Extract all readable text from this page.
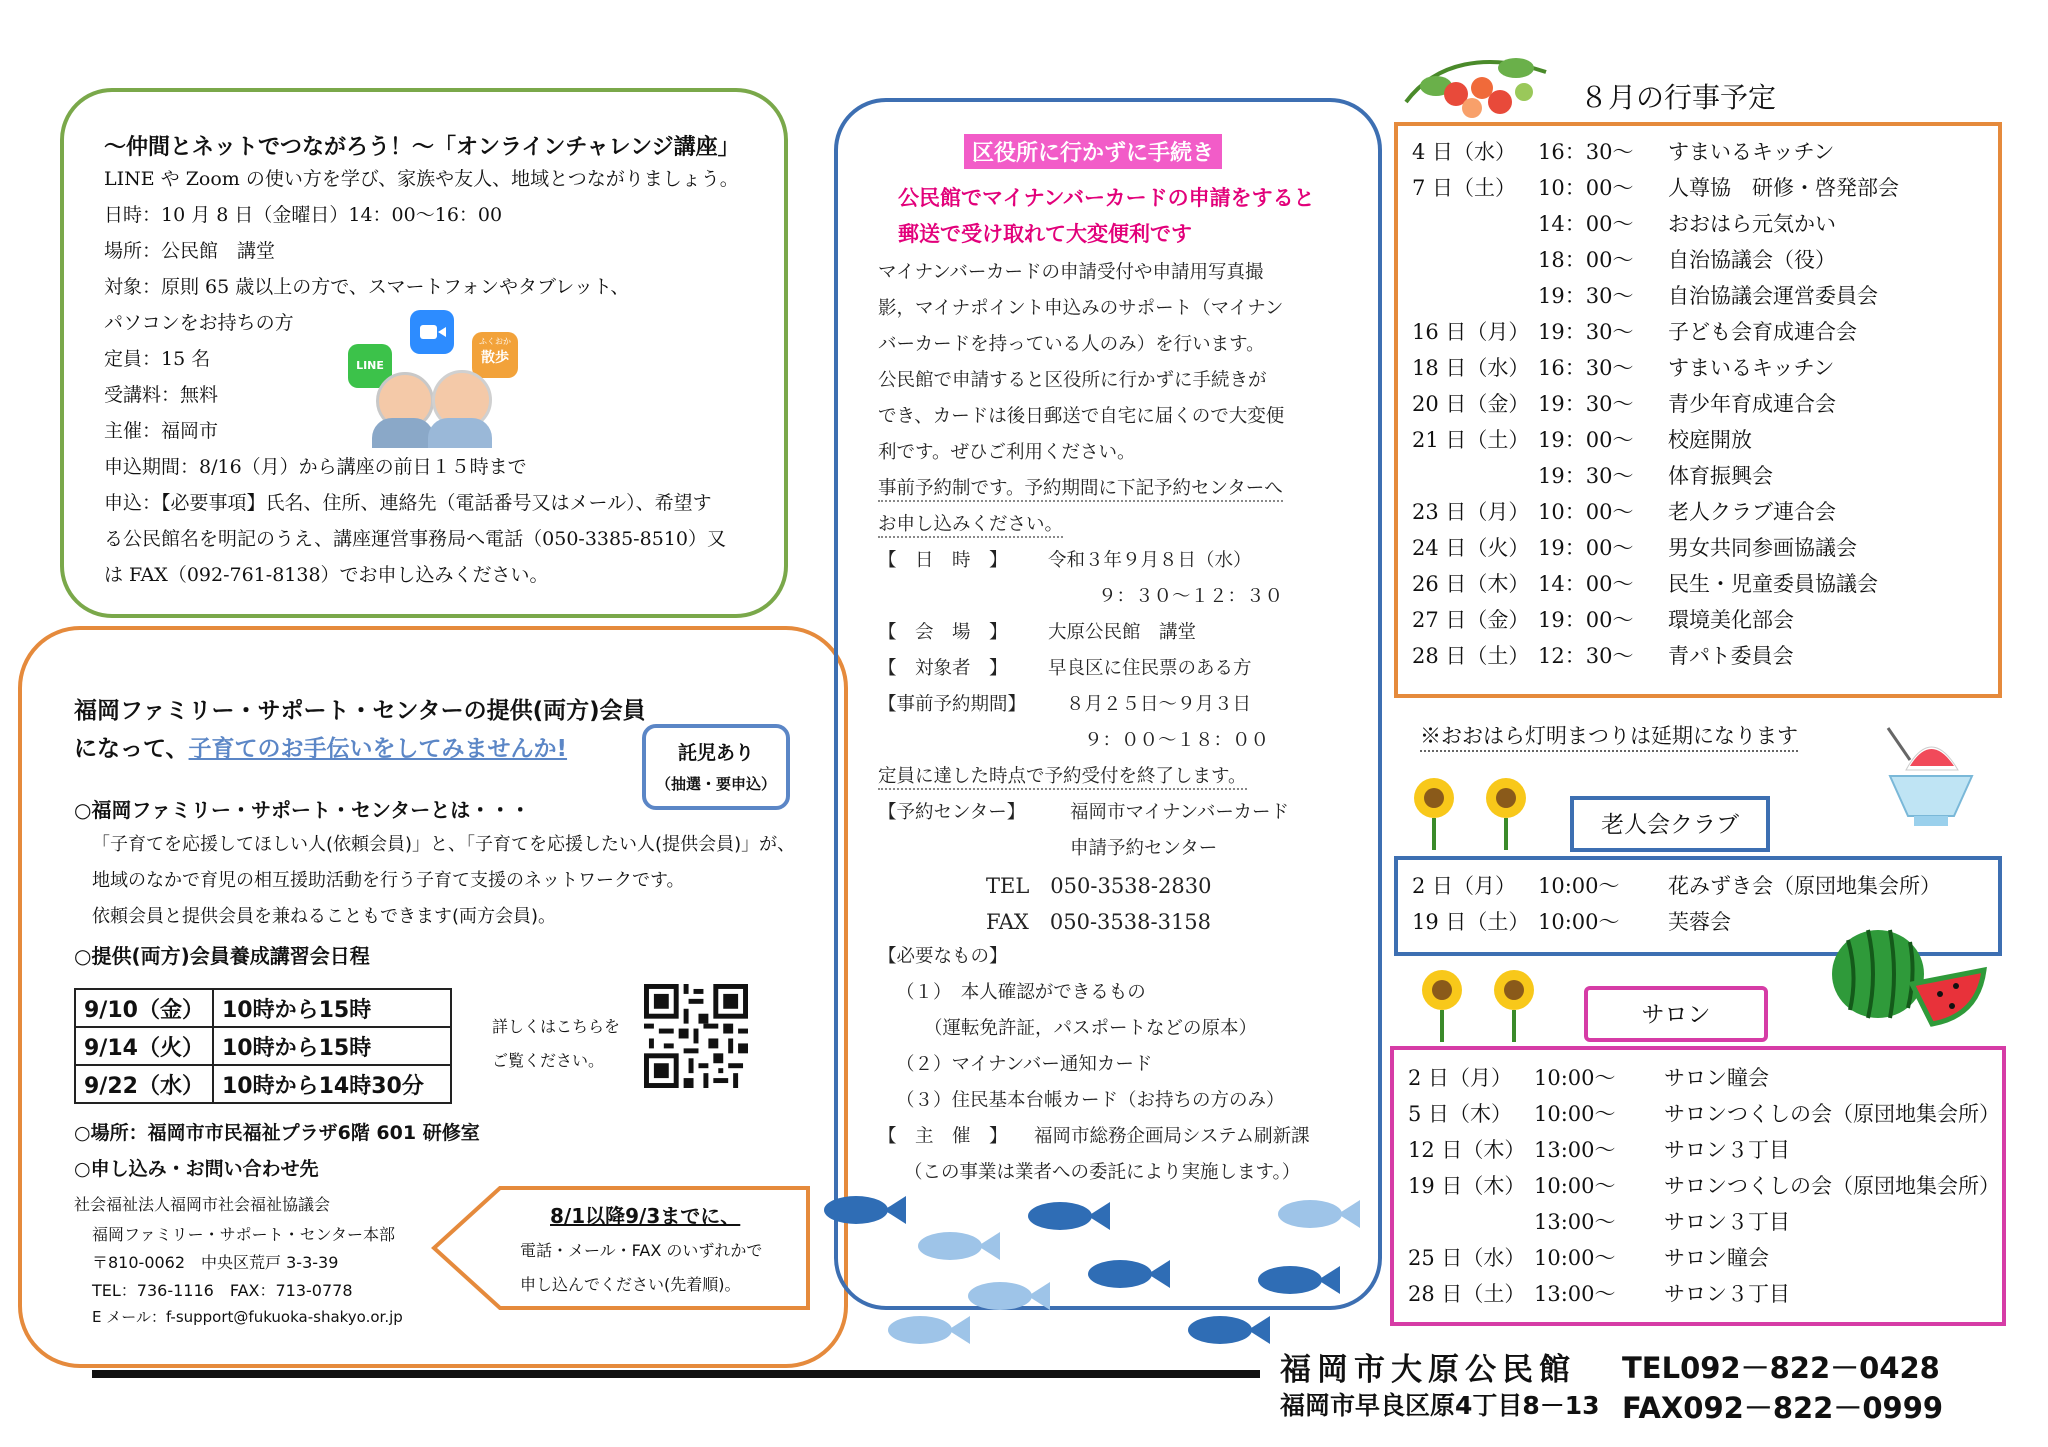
～仲間とネットでつながろう！～「オンラインチャレンジ講座」
LINE や Zoom の使い方を学び、家族や友人、地域とつながりましょう。
日時：10 月 8 日（金曜日）14：00～16：00
場所：公民館　講堂
対象：原則 65 歳以上の方で、スマートフォンやタブレット、
パソコンをお持ちの方
定員：15 名
受講料：無料
主催：福岡市
申込期間：8/16（月）から講座の前日１５時まで
申込：【必要事項】氏名、住所、連絡先（電話番号又はメール）、希望す
る公民館名を明記のうえ、講座運営事務局へ電話（050-3385-8510）又
は FAX（092-761-8138）でお申し込みください。
LINE
ふくおか
散歩
福岡ファミリー・サポート・センターの提供(両方)会員
になって、子育てのお手伝いをしてみませんか!	託児あり
（抽選・要申込）
○福岡ファミリー・サポート・センターとは・・・
「子育てを応援してほしい人(依頼会員)」と、「子育てを応援したい人(提供会員)」が、
地域のなかで育児の相互援助活動を行う子育て支援のネットワークです。
依頼会員と提供会員を兼ねることもできます(両方会員)。
○提供(両方)会員養成講習会日程
9/10（金）	10時から15時
9/14（火）	10時から15時
9/22（水）	10時から14時30分
詳しくはこちらを
ご覧ください。
○場所：福岡市市民福祉プラザ6階 601 研修室
○申し込み・お問い合わせ先
社会福祉法人福岡市社会福祉協議会
福岡ファミリー・サポート・センター本部
〒810-0062　中央区荒戸 3-3-39
TEL：736-1116　FAX：713-0778
E メール：f-support@fukuoka-shakyo.or.jp
8/1以降9/3までに、
電話・メール・FAX のいずれかで
申し込んでください(先着順)。
区役所に行かずに手続き
公民館でマイナンバーカードの申請をすると
郵送で受け取れて大変便利です
マイナンバーカードの申請受付や申請用写真撮
影，マイナポイント申込みのサポート（マイナン
バーカードを持っている人のみ）を行います。
公民館で申請すると区役所に行かずに手続きが
でき、カードは後日郵送で自宅に届くので大変便
利です。ぜひご利用ください。
事前予約制です。予約期間に下記予約センターへ
お申し込みください。
【　日　時　】 令和３年９月８日（水）
９：３０～１２：３０
【　会　場　】 大原公民館　講堂
【　対象者　】 早良区に住民票のある方
【事前予約期間】 ８月２５日～９月３日
９：００～１８：００
定員に達した時点で予約受付を終了します。
【予約センター】 福岡市マイナンバーカード
申請予約センター
TEL　050-3538-2830
FAX　050-3538-3158
【必要なもの】
（１）　本人確認ができるもの
（運転免許証，パスポートなどの原本）
（２）マイナンバー通知カード
（３）住民基本台帳カード（お持ちの方のみ）
【　主　催　】 福岡市総務企画局システム刷新課
（この事業は業者への委託により実施します。）
８月の行事予定
4 日（水） 16：30～ すまいるキッチン
7 日（土） 10：00～ 人尊協　研修・啓発部会
14：00～ おおはら元気かい
18：00～ 自治協議会（役）
19：30～ 自治協議会運営委員会
16 日（月） 19：30～ 子ども会育成連合会
18 日（水） 16：30～ すまいるキッチン
20 日（金） 19：30～ 青少年育成連合会
21 日（土） 19：00～ 校庭開放
19：30～ 体育振興会
23 日（月） 10：00～ 老人クラブ連合会
24 日（火） 19：00～ 男女共同参画協議会
26 日（木） 14：00～ 民生・児童委員協議会
27 日（金） 19：00～ 環境美化部会
28 日（土） 12：30～ 青パト委員会
※おおはら灯明まつりは延期になります
老人会クラブ
2 日（月） 10:00～ 花みずき会（原団地集会所）
19 日（土） 10:00～ 芙蓉会
サロン
2 日（月） 10:00～ サロン瞳会
5 日（木） 10:00～ サロンつくしの会（原団地集会所）
12 日（木） 13:00～ サロン３丁目
19 日（木） 10:00～ サロンつくしの会（原団地集会所）
13:00～ サロン３丁目
25 日（水） 10:00～ サロン瞳会
28 日（土） 13:00～ サロン３丁目
福岡市大原公民館 TEL092－822－0428
福岡市早良区原4丁目8－13 FAX092－822－0999
